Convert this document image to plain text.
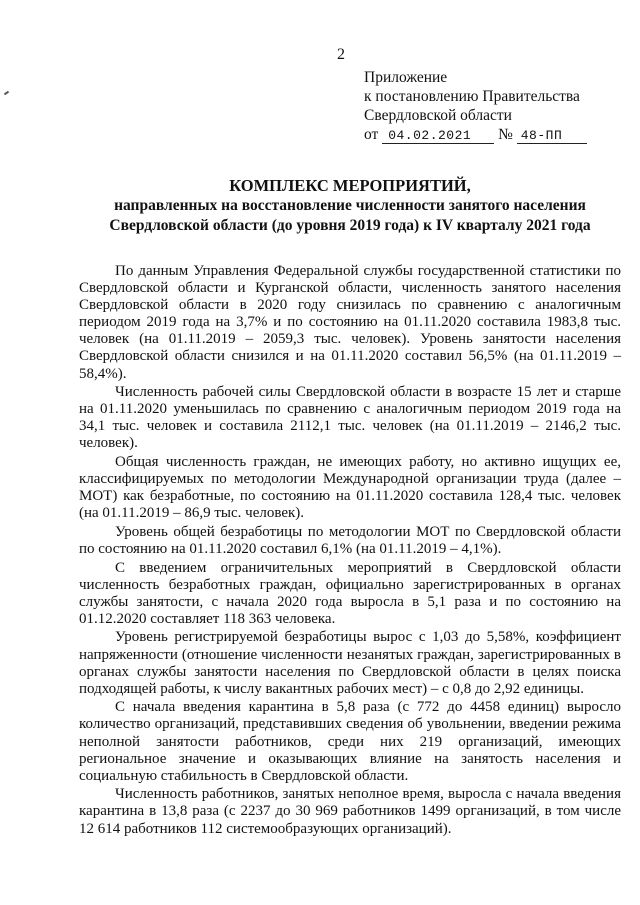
2
Приложение
к постановлению Правительства
Свердловской области
от 04.02.2021 № 48-ПП
КОМПЛЕКС МЕРОПРИЯТИЙ,
направленных на восстановление численности занятого населения
Свердловской области (до уровня 2019 года) к IV кварталу 2021 года

По данным Управления Федеральной службы государственной статистики по Свердловской области и Курганской области, численность занятого населения Свердловской области в 2020 году снизилась по сравнению с аналогичным периодом 2019 года на 3,7% и по состоянию на 01.11.2020 составила 1983,8 тыс. человек (на 01.11.2019 – 2059,3 тыс. человек). Уровень занятости населения Свердловской области снизился и на 01.11.2020 составил 56,5% (на 01.11.2019 – 58,4%).

Численность рабочей силы Свердловской области в возрасте 15 лет и старше на 01.11.2020 уменьшилась по сравнению с аналогичным периодом 2019 года на 34,1 тыс. человек и составила 2112,1 тыс. человек (на 01.11.2019 – 2146,2 тыс. человек).

Общая численность граждан, не имеющих работу, но активно ищущих ее, классифицируемых по методологии Международной организации труда (далее – МОТ) как безработные, по состоянию на 01.11.2020 составила 128,4 тыс. человек (на 01.11.2019 – 86,9 тыс. человек).

Уровень общей безработицы по методологии МОТ по Свердловской области по состоянию на 01.11.2020 составил 6,1% (на 01.11.2019 – 4,1%).

С введением ограничительных мероприятий в Свердловской области численность безработных граждан, официально зарегистрированных в органах службы занятости, с начала 2020 года выросла в 5,1 раза и по состоянию на 01.12.2020 составляет 118 363 человека.

Уровень регистрируемой безработицы вырос с 1,03 до 5,58%, коэффициент напряженности (отношение численности незанятых граждан, зарегистрированных в органах службы занятости населения по Свердловской области в целях поиска подходящей работы, к числу вакантных рабочих мест) – с 0,8 до 2,92 единицы.

С начала введения карантина в 5,8 раза (с 772 до 4458 единиц) выросло количество организаций, представивших сведения об увольнении, введении режима неполной занятости работников, среди них 219 организаций, имеющих региональное значение и оказывающих влияние на занятость населения и социальную стабильность в Свердловской области.

Численность работников, занятых неполное время, выросла с начала введения карантина в 13,8 раза (с 2237 до 30 969 работников 1499 организаций, в том числе 12 614 работников 112 системообразующих организаций).
